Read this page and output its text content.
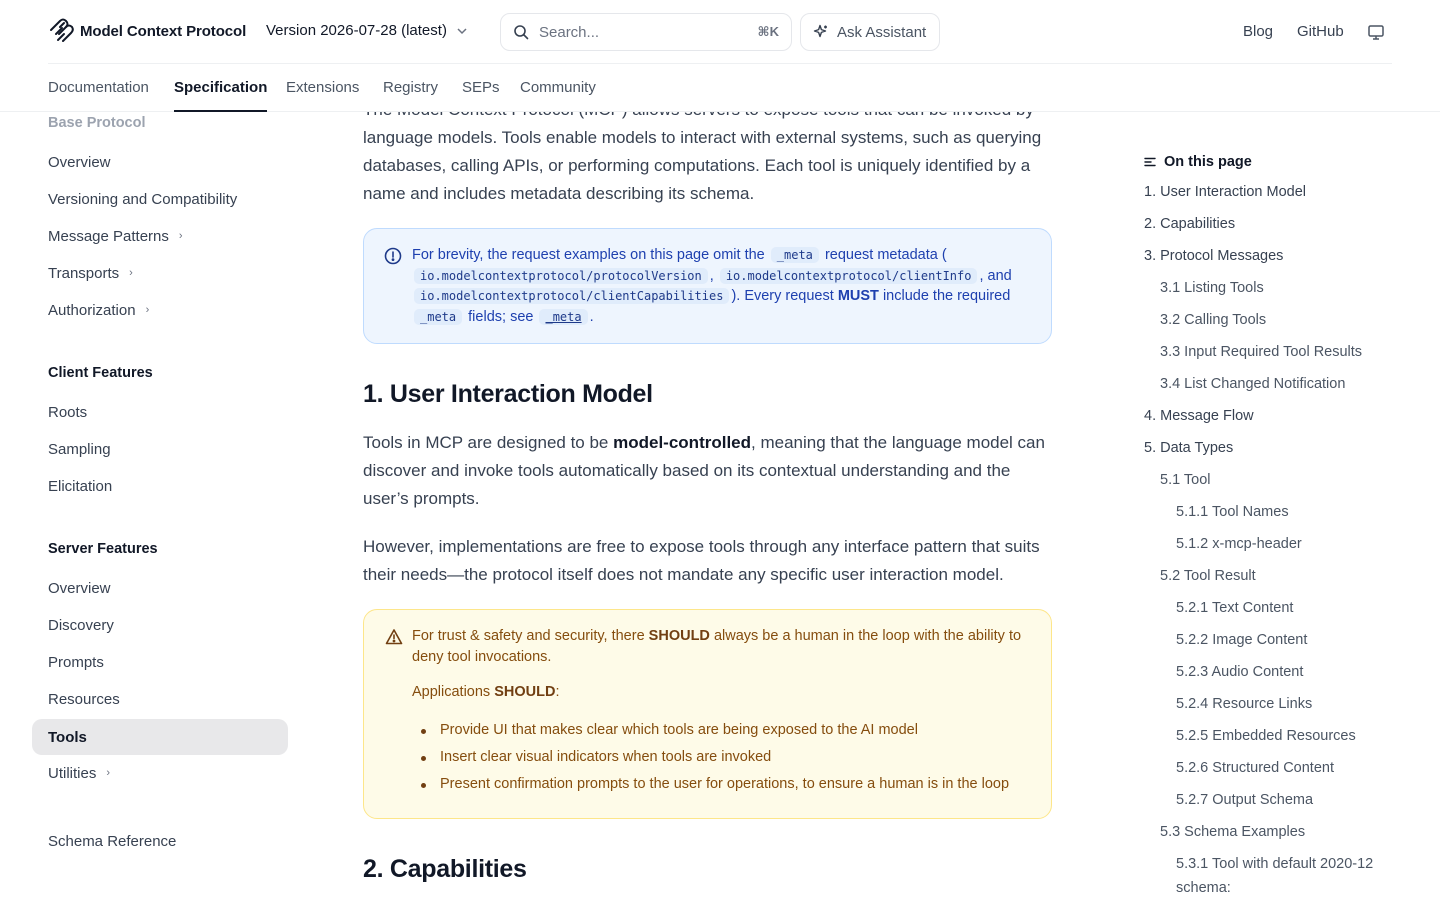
Model Context Protocol Version 2026-07-28 (latest)	Search...	⌘K	Ask Assistant	Blog GitHub
Documentation Specification Extensions Registry SEPs Community
Base Protocol
Overview
Versioning and Compatibility
Message Patterns ›
Transports ›
Authorization ›
Client Features
Roots
Sampling
Elicitation
Server Features
Overview
Discovery
Prompts
Resources
Tools
Utilities ›
Schema Reference

language models. Tools enable models to interact with external systems, such as querying databases, calling APIs, or performing computations. Each tool is uniquely identified by a name and includes metadata describing its schema.

For brevity, the request examples on this page omit the _meta request metadata ( io.modelcontextprotocol/protocolVersion , io.modelcontextprotocol/clientInfo , and io.modelcontextprotocol/clientCapabilities ). Every request MUST include the required _meta fields; see _meta .
1. User Interaction Model

Tools in MCP are designed to be model-controlled, meaning that the language model can discover and invoke tools automatically based on its contextual understanding and the user’s prompts.

However, implementations are free to expose tools through any interface pattern that suits their needs—the protocol itself does not mandate any specific user interaction model.

For trust & safety and security, there SHOULD always be a human in the loop with the ability to deny tool invocations.
Applications SHOULD:
Provide UI that makes clear which tools are being exposed to the AI model
Insert clear visual indicators when tools are invoked
Present confirmation prompts to the user for operations, to ensure a human is in the loop
2. Capabilities
On this page
1. User Interaction Model
2. Capabilities
3. Protocol Messages
3.1 Listing Tools
3.2 Calling Tools
3.3 Input Required Tool Results
3.4 List Changed Notification
4. Message Flow
5. Data Types
5.1 Tool
5.1.1 Tool Names
5.1.2 x-mcp-header
5.2 Tool Result
5.2.1 Text Content
5.2.2 Image Content
5.2.3 Audio Content
5.2.4 Resource Links
5.2.5 Embedded Resources
5.2.6 Structured Content
5.2.7 Output Schema
5.3 Schema Examples
5.3.1 Tool with default 2020-12 schema:
